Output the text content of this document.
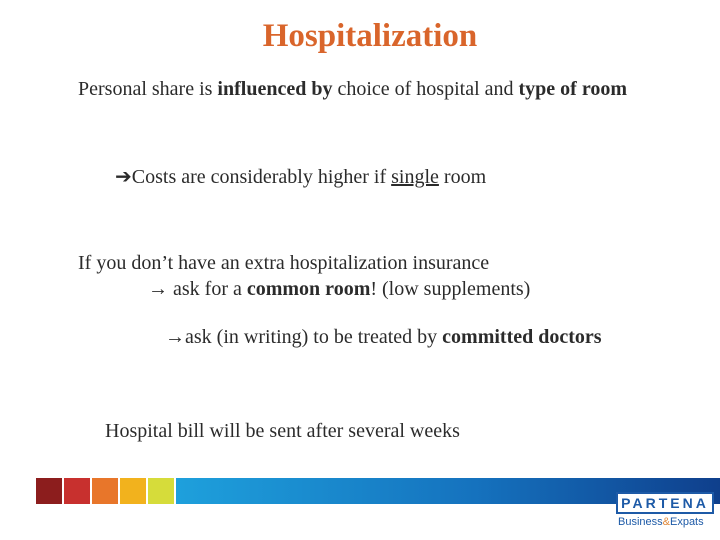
Hospitalization
Personal share is influenced by choice of hospital and type of room
➔Costs are considerably higher if single room
If you don’t have an extra hospitalization insurance
→ ask for a common room! (low supplements)
→ask (in writing) to be treated by committed doctors
Hospital bill will be sent after several weeks
PARTENA
Business&Expats
